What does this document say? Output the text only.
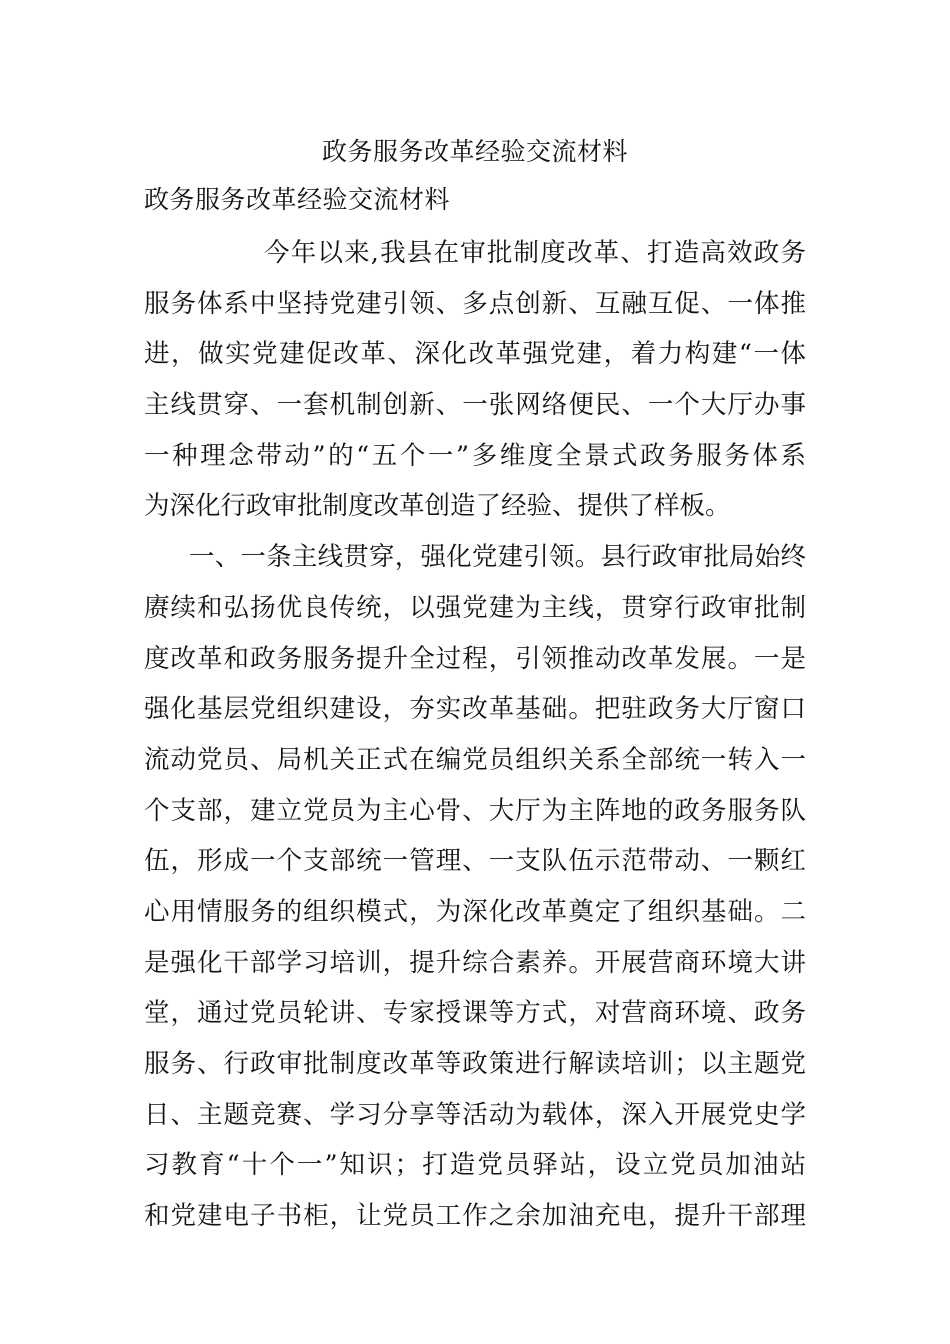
政务服务改革经验交流材料
政务服务改革经验交流材料
今年以来,我县在审批制度改革、打造高效政务
服务体系中坚持党建引领、多点创新、互融互促、一体推
进，做实党建促改革、深化改革强党建，着力构建“一体
主线贯穿、一套机制创新、一张网络便民、一个大厅办事
一种理念带动”的“五个一”多维度全景式政务服务体系
为深化行政审批制度改革创造了经验、提供了样板。
一、一条主线贯穿，强化党建引领。县行政审批局始终
赓续和弘扬优良传统，以强党建为主线，贯穿行政审批制
度改革和政务服务提升全过程，引领推动改革发展。一是
强化基层党组织建设，夯实改革基础。把驻政务大厅窗口
流动党员、局机关正式在编党员组织关系全部统一转入一
个支部，建立党员为主心骨、大厅为主阵地的政务服务队
伍，形成一个支部统一管理、一支队伍示范带动、一颗红
心用情服务的组织模式，为深化改革奠定了组织基础。二
是强化干部学习培训，提升综合素养。开展营商环境大讲
堂，通过党员轮讲、专家授课等方式，对营商环境、政务
服务、行政审批制度改革等政策进行解读培训；以主题党
日、主题竞赛、学习分享等活动为载体，深入开展党史学
习教育“十个一”知识；打造党员驿站，设立党员加油站
和党建电子书柜，让党员工作之余加油充电，提升干部理
